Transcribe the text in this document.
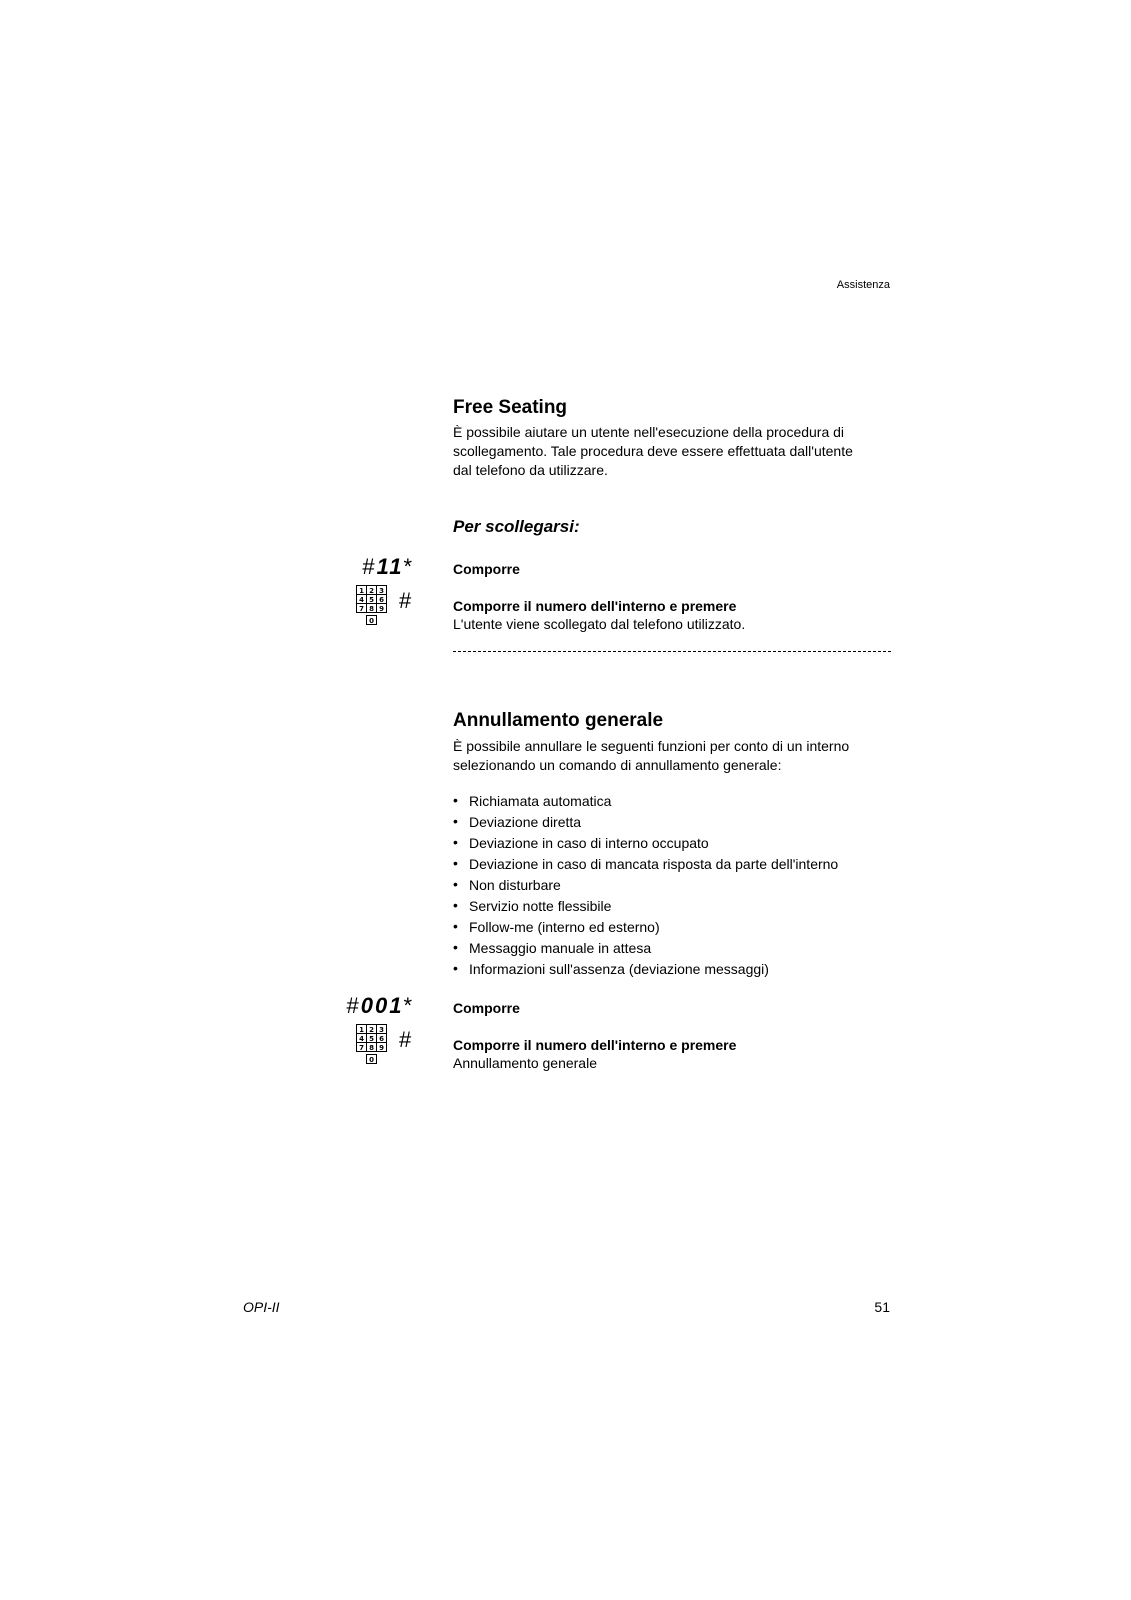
Assistenza
Free Seating
È possibile aiutare un utente nell'esecuzione della procedura di scollegamento. Tale procedura deve essere effettuata dall'utente dal telefono da utilizzare.
Per scollegarsi:
#11*	Comporre
1 2 3
4 5 6
7 8 9
0
#	Comporre il numero dell'interno e premere
L'utente viene scollegato dal telefono utilizzato.
Annullamento generale
È possibile annullare le seguenti funzioni per conto di un interno selezionando un comando di annullamento generale:
• Richiamata automatica
• Deviazione diretta
• Deviazione in caso di interno occupato
• Deviazione in caso di mancata risposta da parte dell'interno
• Non disturbare
• Servizio notte flessibile
• Follow-me (interno ed esterno)
• Messaggio manuale in attesa
• Informazioni sull'assenza (deviazione messaggi)
#001*	Comporre
1 2 3
4 5 6
7 8 9
0
#	Comporre il numero dell'interno e premere
Annullamento generale
OPI-II	51
